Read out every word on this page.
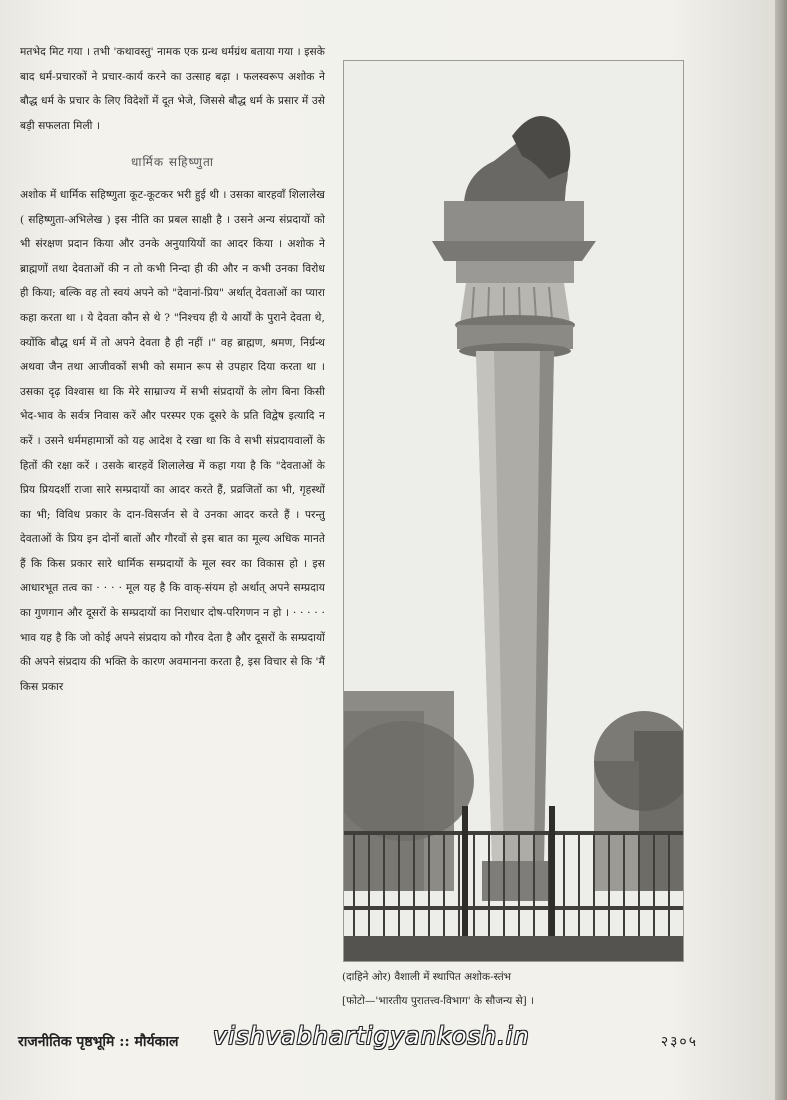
मतभेद मिट गया । तभी 'कथावस्तु' नामक एक ग्रन्थ धर्मग्रंथ बताया गया । इसके बाद धर्म-प्रचारकों ने प्रचार-कार्य करने का उत्साह बढ़ा । फलस्वरूप अशोक ने बौद्ध धर्म के प्रचार के लिए विदेशों में दूत भेजे, जिससे बौद्ध धर्म के प्रसार में उसे बड़ी सफलता मिली ।

धार्मिक सहिष्णुता

अशोक में धार्मिक सहिष्णुता कूट-कूटकर भरी हुई थी । उसका बारहवाँ शिलालेख ( सहिष्णुता-अभिलेख ) इस नीति का प्रबल साक्षी है । उसने अन्य संप्रदायों को भी संरक्षण प्रदान किया और उनके अनुयायियों का आदर किया । अशोक ने ब्राह्मणों तथा देवताओं की न तो कभी निन्दा ही की और न कभी उनका विरोध ही किया; बल्कि वह तो स्वयं अपने को "देवानां-प्रिय" अर्थात् देवताओं का प्यारा कहा करता था । ये देवता कौन से थे ? "निश्चय ही ये आर्यों के पुराने देवता थे, क्योंकि बौद्ध धर्म में तो अपने देवता है ही नहीं ।" वह ब्राह्मण, श्रमण, निर्ग्रन्थ अथवा जैन तथा आजीवकों सभी को समान रूप से उपहार दिया करता था । उसका दृढ़ विश्वास था कि मेरे साम्राज्य में सभी संप्रदायों के लोग बिना किसी भेद-भाव के सर्वत्र निवास करें और परस्पर एक दूसरे के प्रति विद्वेष इत्यादि न करें । उसने धर्ममहामात्रों को यह आदेश दे रखा था कि वे सभी संप्रदायवालों के हितों की रक्षा करें । उसके बारहवें शिलालेख में कहा गया है कि "देवताओं के प्रिय प्रियदर्शी राजा सारे सम्प्रदायों का आदर करते हैं, प्रव्रजितों का भी, गृहस्थों का भी; विविध प्रकार के दान-विसर्जन से वे उनका आदर करते हैं । परन्तु देवताओं के प्रिय इन दोनों बातों और गौरवों से इस बात का मूल्य अधिक मानते हैं कि किस प्रकार सारे धार्मिक सम्प्रदायों के मूल स्वर का विकास हो । इस आधारभूत तत्व का · · · · मूल यह है कि वाक्-संयम हो अर्थात् अपने सम्प्रदाय का गुणगान और दूसरों के सम्प्रदायों का निराधार दोष-परिगणन न हो । · · · · · भाव यह है कि जो कोई अपने संप्रदाय को गौरव देता है और दूसरों के सम्प्रदायों की अपने संप्रदाय की भक्ति के कारण अवमानना करता है, इस विचार से कि 'मैं किस प्रकार

(दाहिने ओर) वैशाली में स्थापित अशोक-स्तंभ
[फोटो—'भारतीय पुरातत्त्व-विभाग' के सौजन्य से] ।
राजनीतिक पृष्ठभूमि :: मौर्यकाल vishvabhartigyankosh.in	२३०५
